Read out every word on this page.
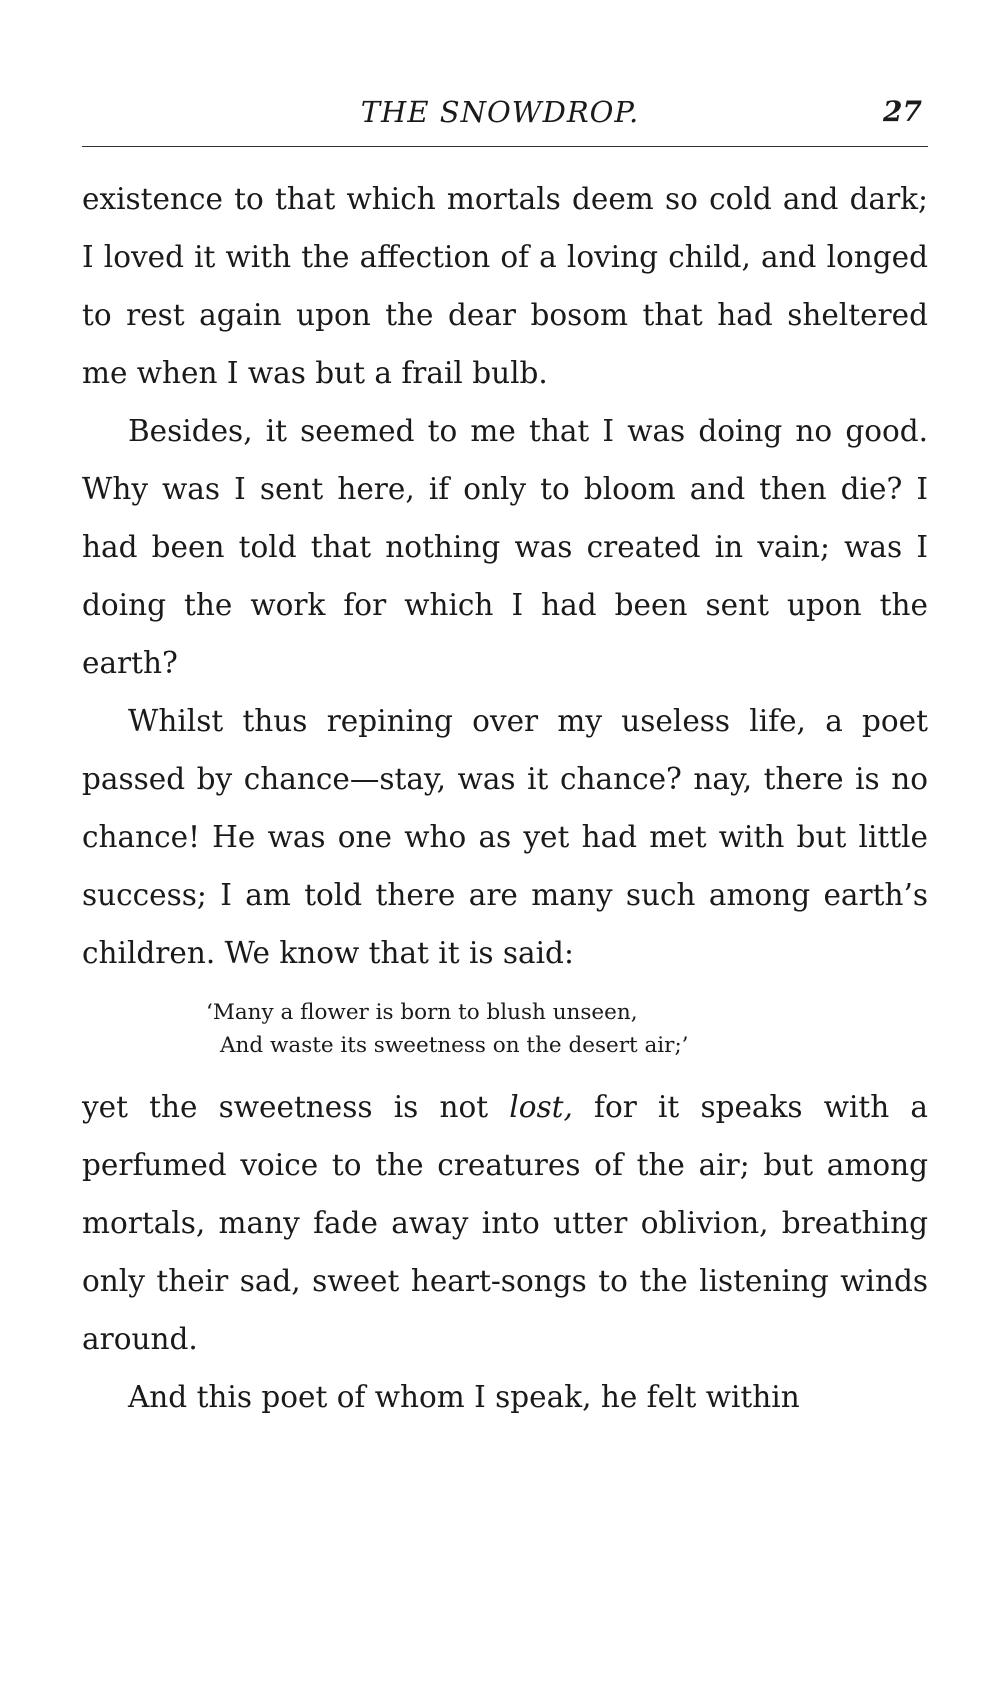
THE SNOWDROP.	27

existence to that which mortals deem so cold and dark; I loved it with the affection of a loving child, and longed to rest again upon the dear bosom that had sheltered me when I was but a frail bulb.

Besides, it seemed to me that I was doing no good. Why was I sent here, if only to bloom and then die? I had been told that nothing was created in vain; was I doing the work for which I had been sent upon the earth?

Whilst thus repining over my useless life, a poet passed by chance—stay, was it chance? nay, there is no chance! He was one who as yet had met with but little success; I am told there are many such among earth’s children. We know that it is said:

‘Many a flower is born to blush unseen,
And waste its sweetness on the desert air;’

yet the sweetness is not lost, for it speaks with a perfumed voice to the creatures of the air; but among mortals, many fade away into utter oblivion, breathing only their sad, sweet heart-songs to the listening winds around.

And this poet of whom I speak, he felt within
